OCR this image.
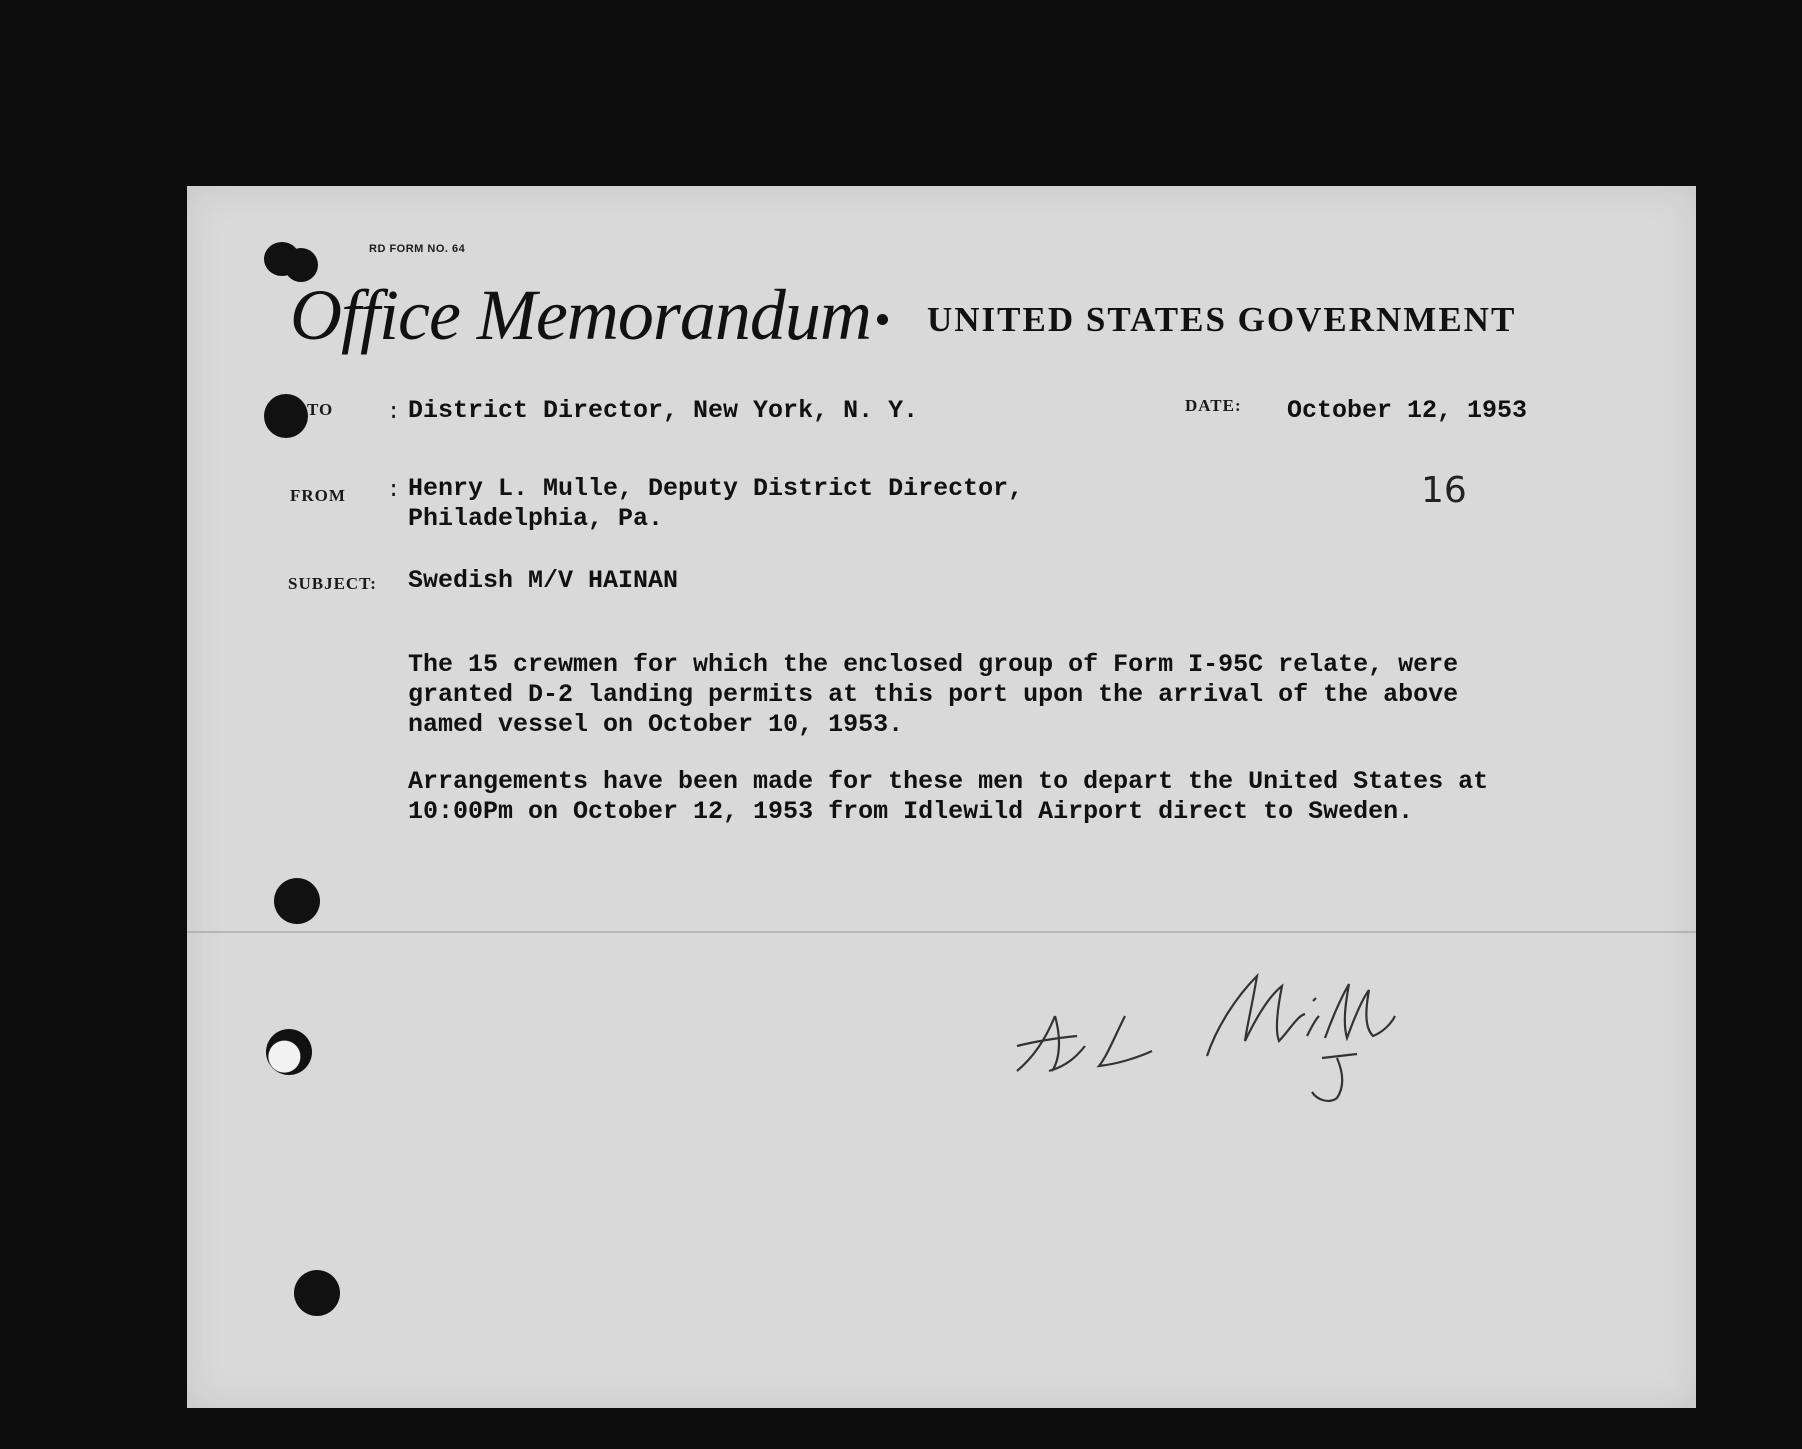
RD FORM NO. 64
Office Memorandum UNITED STATES GOVERNMENT
TO : District Director, New York, N. Y.	DATE: October 12, 1953
FROM : Henry L. Mulle, Deputy District Director,
Philadelphia, Pa.
16
SUBJECT: Swedish M/V HAINAN
The 15 crewmen for which the enclosed group of Form I-95C relate, were
granted D-2 landing permits at this port upon the arrival of the above
named vessel on October 10, 1953.
Arrangements have been made for these men to depart the United States at
10:00Pm on October 12, 1953 from Idlewild Airport direct to Sweden.
